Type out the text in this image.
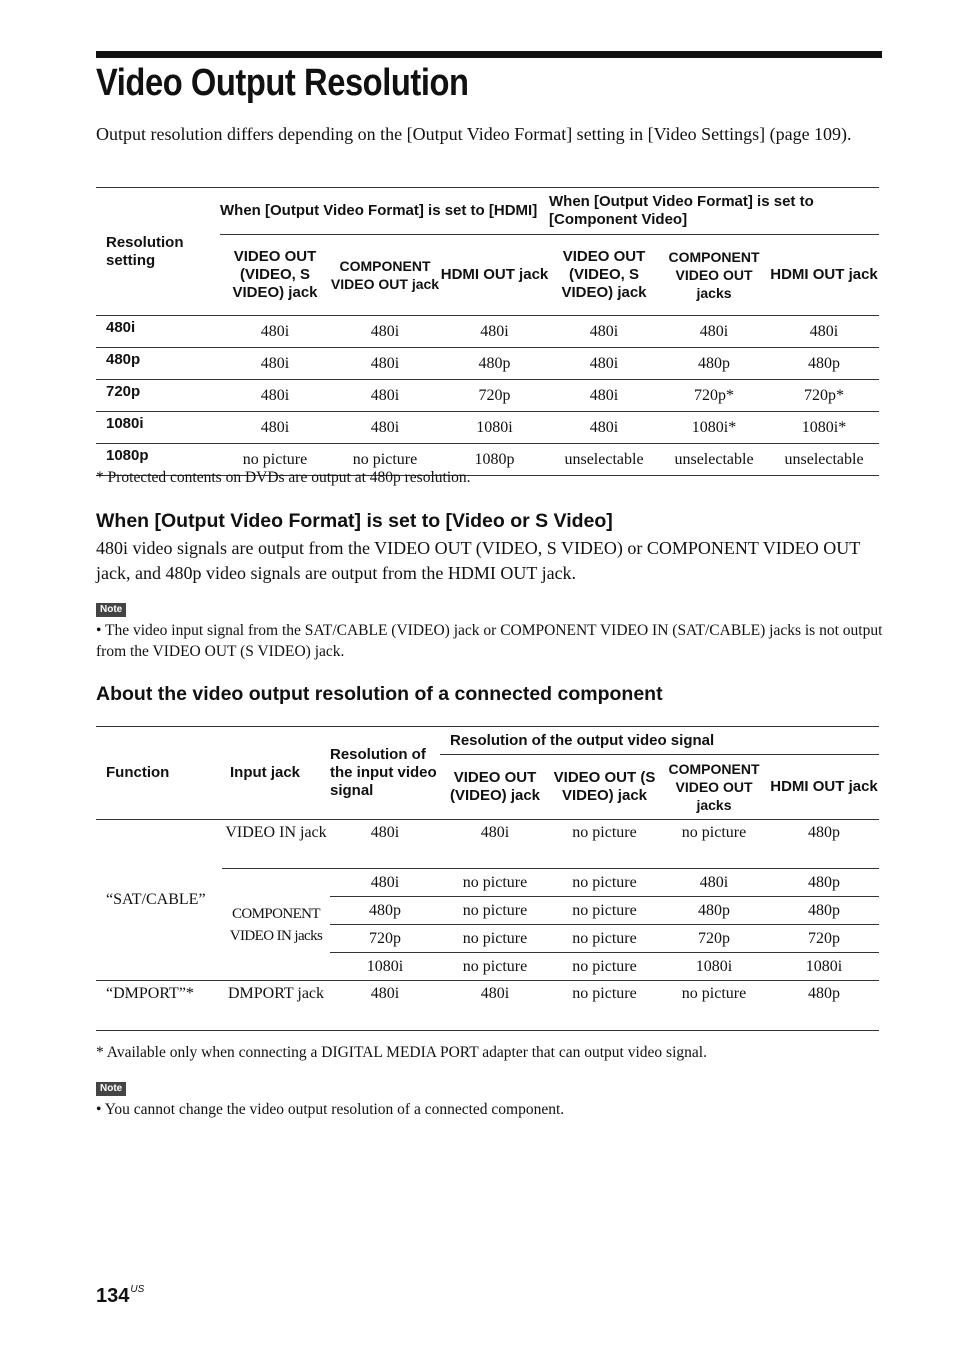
Video Output Resolution
Output resolution differs depending on the [Output Video Format] setting in [Video Settings] (page 109).
Resolution setting	When [Output Video Format] is set to [HDMI]			When [Output Video Format] is set to [Component Video]		
	VIDEO OUT (VIDEO, S VIDEO) jack	COMPONENT VIDEO OUT jack	HDMI OUT jack	VIDEO OUT (VIDEO, S VIDEO) jack	COMPONENT VIDEO OUT jacks	HDMI OUT jack
480i	480i	480i	480i	480i	480i	480i
480p	480i	480i	480p	480i	480p	480p
720p	480i	480i	720p	480i	720p*	720p*
1080i	480i	480i	1080i	480i	1080i*	1080i*
1080p	no picture	no picture	1080p	unselectable	unselectable	unselectable
* Protected contents on DVDs are output at 480p resolution.
When [Output Video Format] is set to [Video or S Video]
480i video signals are output from the VIDEO OUT (VIDEO, S VIDEO) or COMPONENT VIDEO OUT jack, and 480p video signals are output from the HDMI OUT jack.
Note
• The video input signal from the SAT/CABLE (VIDEO) jack or COMPONENT VIDEO IN (SAT/CABLE) jacks is not output from the VIDEO OUT (S VIDEO) jack.
About the video output resolution of a connected component
Function	Input jack	Resolution of the input video signal	Resolution of the output video signal			
			VIDEO OUT (VIDEO) jack	VIDEO OUT (S VIDEO) jack	COMPONENT VIDEO OUT jacks	HDMI OUT jack
“SAT/CABLE”	VIDEO IN jack	480i	480i	no picture	no picture	480p
	COMPONENT VIDEO IN jacks	480i	no picture	no picture	480i	480p
		480p	no picture	no picture	480p	480p
		720p	no picture	no picture	720p	720p
		1080i	no picture	no picture	1080i	1080i
“DMPORT”*	DMPORT jack	480i	480i	no picture	no picture	480p
* Available only when connecting a DIGITAL MEDIA PORT adapter that can output video signal.
Note
• You cannot change the video output resolution of a connected component.
$134^{US}$
